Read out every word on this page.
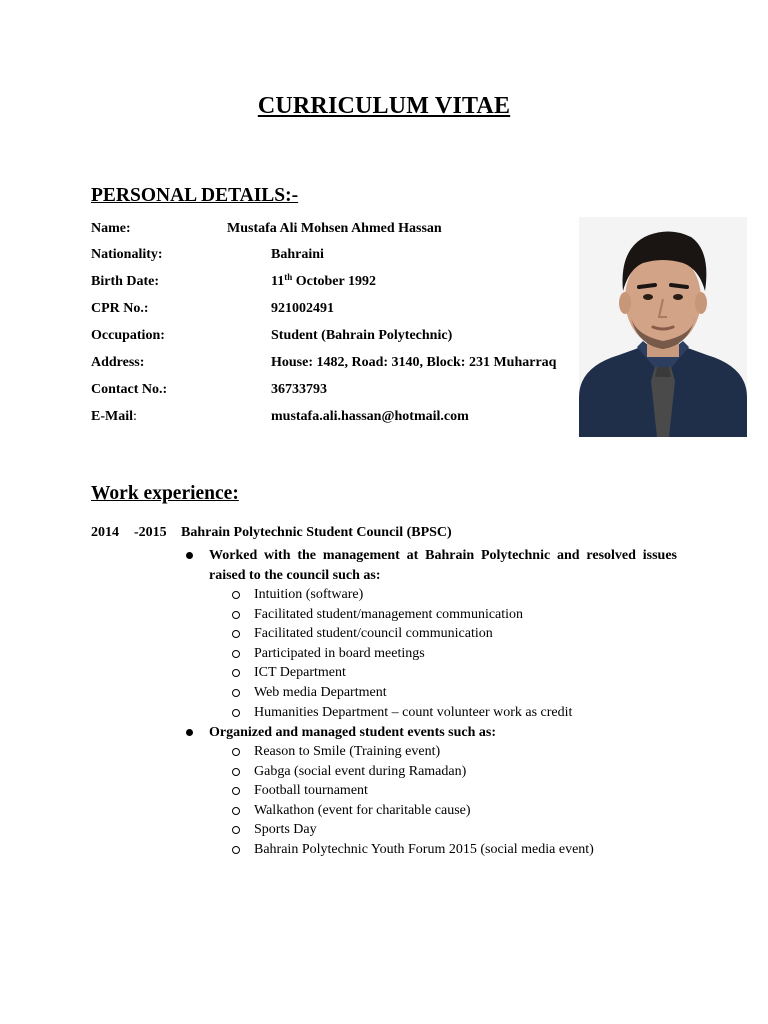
CURRICULUM VITAE
PERSONAL DETAILS:-
Name:	Mustafa Ali Mohsen Ahmed Hassan
Nationality:	Bahraini
Birth Date:	11th October 1992
CPR No.:	921002491
Occupation:	Student (Bahrain Polytechnic)
Address:	House: 1482, Road: 3140, Block: 231 Muharraq
Contact No.:	36733793
E-Mail:	mustafa.ali.hassan@hotmail.com
Work experience:
2014 -2015 Bahrain Polytechnic Student Council (BPSC)
Worked with the management at Bahrain Polytechnic and resolved issues raised to the council such as:
Intuition (software)
Facilitated student/management communication
Facilitated student/council communication
Participated in board meetings
ICT Department
Web media Department
Humanities Department – count volunteer work as credit
Organized and managed student events such as:
Reason to Smile (Training event)
Gabga (social event during Ramadan)
Football tournament
Walkathon (event for charitable cause)
Sports Day
Bahrain Polytechnic Youth Forum 2015 (social media event)
